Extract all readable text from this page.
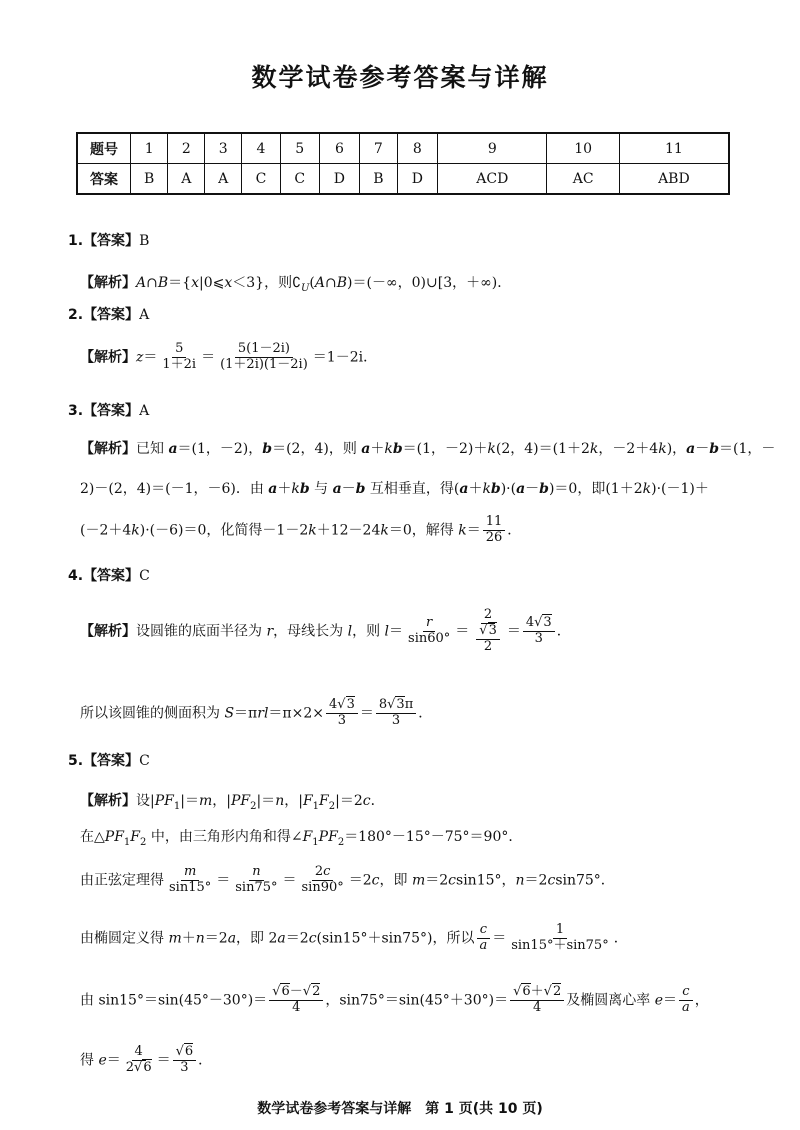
数学试卷参考答案与详解
题号	1	2	3	4	5	6	7	8	9	10	11
答案	B	A	A	C	C	D	B	D	ACD	AC	ABD
1.【答案】B
【解析】A∩B＝{x|0⩽x＜3}，则$∁_U(A\cap B)=(-\infty$，0)∪[3，＋∞)．
2.【答案】A
【解析】$z= \frac{5}{1+2i} = \frac{5(1-2i)}{(1+2i)(1-2i)} =1-2i$．
3.【答案】A
【解析】已知 a＝(1，－2)，b＝(2，4)，则 a＋kb＝(1，－2)＋k(2，4)＝(1＋2k，－2＋4k)，a－b＝(1，－
2)－(2，4)＝(－1，－6)．由 a＋kb 与 a－b 互相垂直，得(a＋kb)·(a－b)＝0，即(1＋2k)·(－1)＋
(－2＋4k)·(－6)＝0，化简得－1－2k＋12－24k＝0，解得 $k= \frac{11}{26}$ ．
4.【答案】C
【解析】设圆锥的底面半径为 r，母线长为 l，则 $l= \frac{r}{\sin 60^\circ} = \frac{2}{\frac{√3}{2}} = \frac{4√3}{3}$ ．
所以该圆锥的侧面积为 $S=\pi rl=\pi\times 2\times \frac{4√3}{3} = \frac{8√3\pi}{3}$ ．
5.【答案】C
【解析】设$|PF_1|=m$，$|PF_2|=n$，$|F_1F_2|=2c$．
在$\triangle PF_1F_2$ 中，由三角形内角和得$\angle F_1PF_2=180^\circ-15^\circ-75^\circ=90^\circ$．
由正弦定理得 $\frac{m}{\sin 15^\circ} = \frac{n}{\sin 75^\circ} = \frac{2c}{\sin 90^\circ} =2c$，即 m＝2csin15°，n＝2csin75°．
由椭圆定义得 m＋n＝2a，即 2a＝2c(sin15°＋sin75°)，所以 $\frac{c}{a} = \frac{1}{\sin 15^\circ+\sin 75^\circ}$ ．
由 $\sin 15^\circ=\sin(45^\circ-30^\circ)= \frac{√6-√2}{4}$ ，$\sin 75^\circ=\sin(45^\circ+30^\circ)= \frac{√6+√2}{4}$ 及椭圆离心率 $e= \frac{c}{a}$ ，
得 $e= \frac{4}{2√6} = \frac{√6}{3}$ ．
数学试卷参考答案与详解　第 1 页(共 10 页)
